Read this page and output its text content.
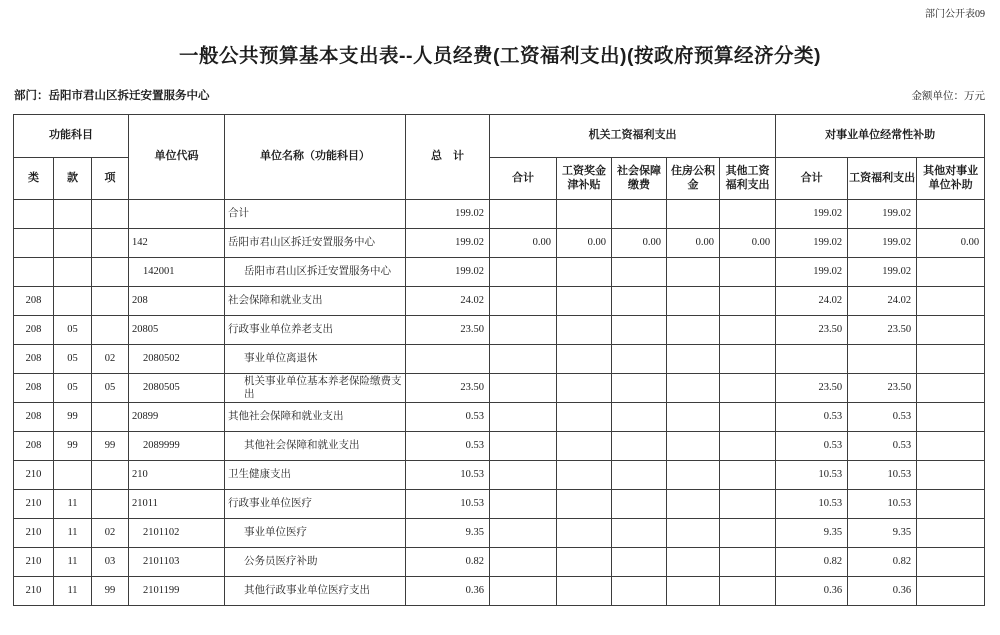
部门公开表09
一般公共预算基本支出表--人员经费(工资福利支出)(按政府预算经济分类)
部门：岳阳市君山区拆迁安置服务中心	金额单位：万元
功能科目			单位代码	单位名称（功能科目）	总　计	机关工资福利支出					对事业单位经常性补助		
类	款	项				合计	工资奖金津补贴	社会保障缴费	住房公积金	其他工资福利支出	合计	工资福利支出	其他对事业单位补助
				合计	199.02						199.02	199.02	
			142	岳阳市君山区拆迁安置服务中心	199.02	0.00	0.00	0.00	0.00	0.00	199.02	199.02	0.00
			142001	岳阳市君山区拆迁安置服务中心	199.02						199.02	199.02	
208			208	社会保障和就业支出	24.02						24.02	24.02	
208	05		20805	行政事业单位养老支出	23.50						23.50	23.50	
208	05	02	2080502	事业单位离退休									
208	05	05	2080505	机关事业单位基本养老保险缴费支出	23.50						23.50	23.50	
208	99		20899	其他社会保障和就业支出	0.53						0.53	0.53	
208	99	99	2089999	其他社会保障和就业支出	0.53						0.53	0.53	
210			210	卫生健康支出	10.53						10.53	10.53	
210	11		21011	行政事业单位医疗	10.53						10.53	10.53	
210	11	02	2101102	事业单位医疗	9.35						9.35	9.35	
210	11	03	2101103	公务员医疗补助	0.82						0.82	0.82	
210	11	99	2101199	其他行政事业单位医疗支出	0.36						0.36	0.36	
